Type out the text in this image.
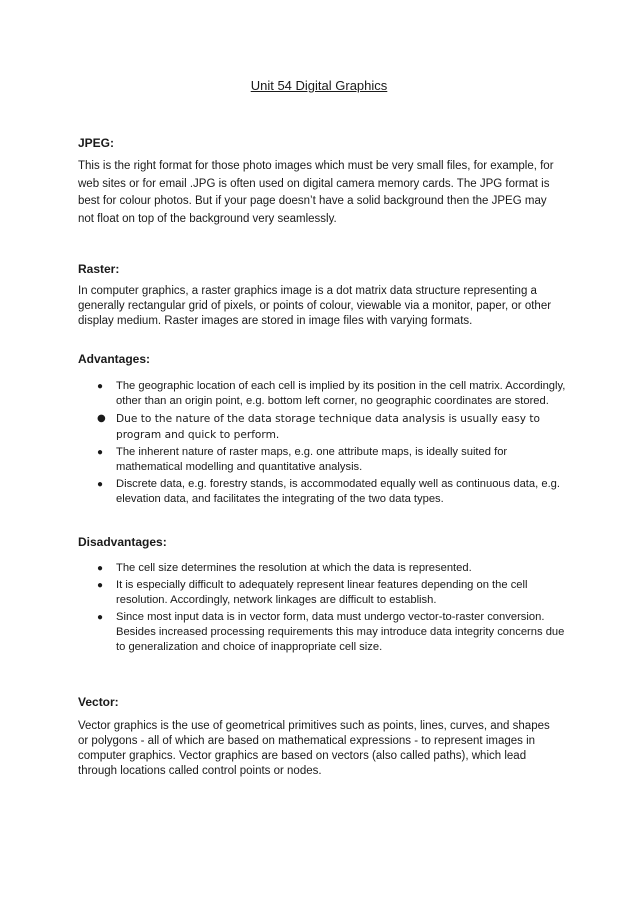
Unit 54 Digital Graphics
JPEG:

This is the right format for those photo images which must be very small files, for example, for web sites or for email .JPG is often used on digital camera memory cards. The JPG format is best for colour photos. But if your page doesn’t have a solid background then the JPEG may not float on top of the background very seamlessly.

Raster:

In computer graphics, a raster graphics image is a dot matrix data structure representing a generally rectangular grid of pixels, or points of colour, viewable via a monitor, paper, or other display medium. Raster images are stored in image files with varying formats.

Advantages:
● The geographic location of each cell is implied by its position in the cell matrix. Accordingly, other than an origin point, e.g. bottom left corner, no geographic coordinates are stored.
● Due to the nature of the data storage technique data analysis is usually easy to program and quick to perform.
● The inherent nature of raster maps, e.g. one attribute maps, is ideally suited for mathematical modelling and quantitative analysis.
● Discrete data, e.g. forestry stands, is accommodated equally well as continuous data, e.g. elevation data, and facilitates the integrating of the two data types.
Disadvantages:
● The cell size determines the resolution at which the data is represented.
● It is especially difficult to adequately represent linear features depending on the cell resolution. Accordingly, network linkages are difficult to establish.
● Since most input data is in vector form, data must undergo vector-to-raster conversion. Besides increased processing requirements this may introduce data integrity concerns due to generalization and choice of inappropriate cell size.
Vector:

Vector graphics is the use of geometrical primitives such as points, lines, curves, and shapes or polygons - all of which are based on mathematical expressions - to represent images in computer graphics. Vector graphics are based on vectors (also called paths), which lead through locations called control points or nodes.
